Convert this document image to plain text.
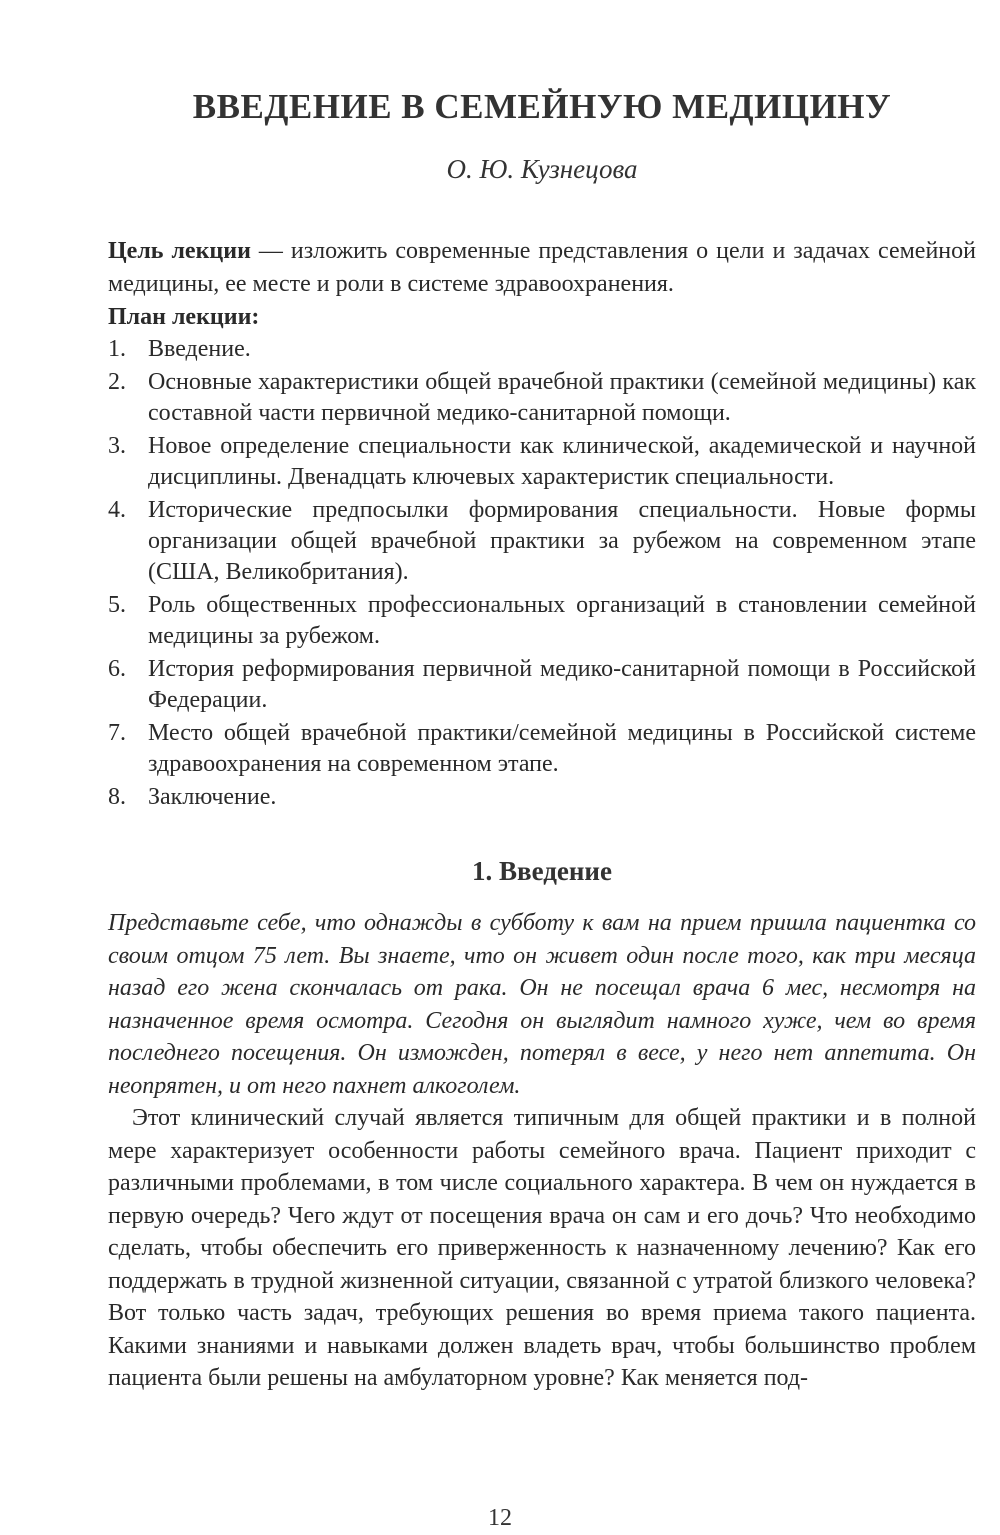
ВВЕДЕНИЕ В СЕМЕЙНУЮ МЕДИЦИНУ
О. Ю. Кузнецова
Цель лекции — изложить современные представления о цели и задачах семейной медицины, ее месте и роли в системе здравоохранения.
План лекции:
1. Введение.
2. Основные характеристики общей врачебной практики (семейной медицины) как составной части первичной медико-санитарной помощи.
3. Новое определение специальности как клинической, академической и научной дисциплины. Двенадцать ключевых характеристик специальности.
4. Исторические предпосылки формирования специальности. Новые формы организации общей врачебной практики за рубежом на современном этапе (США, Великобритания).
5. Роль общественных профессиональных организаций в становлении семейной медицины за рубежом.
6. История реформирования первичной медико-санитарной помощи в Российской Федерации.
7. Место общей врачебной практики/семейной медицины в Российской системе здравоохранения на современном этапе.
8. Заключение.
1. Введение
Представьте себе, что однажды в субботу к вам на прием пришла пациентка со своим отцом 75 лет. Вы знаете, что он живет один после того, как три месяца назад его жена скончалась от рака. Он не посещал врача 6 мес, несмотря на назначенное время осмотра. Сегодня он выглядит намного хуже, чем во время последнего посещения. Он изможден, потерял в весе, у него нет аппетита. Он неопрятен, и от него пахнет алкоголем.
Этот клинический случай является типичным для общей практики и в полной мере характеризует особенности работы семейного врача. Пациент приходит с различными проблемами, в том числе социального характера. В чем он нуждается в первую очередь? Чего ждут от посещения врача он сам и его дочь? Что необходимо сделать, чтобы обеспечить его приверженность к назначенному лечению? Как его поддержать в трудной жизненной ситуации, связанной с утратой близкого человека? Вот только часть задач, требующих решения во время приема такого пациента. Какими знаниями и навыками должен владеть врач, чтобы большинство проблем пациента были решены на амбулаторном уровне? Как меняется под-
12
